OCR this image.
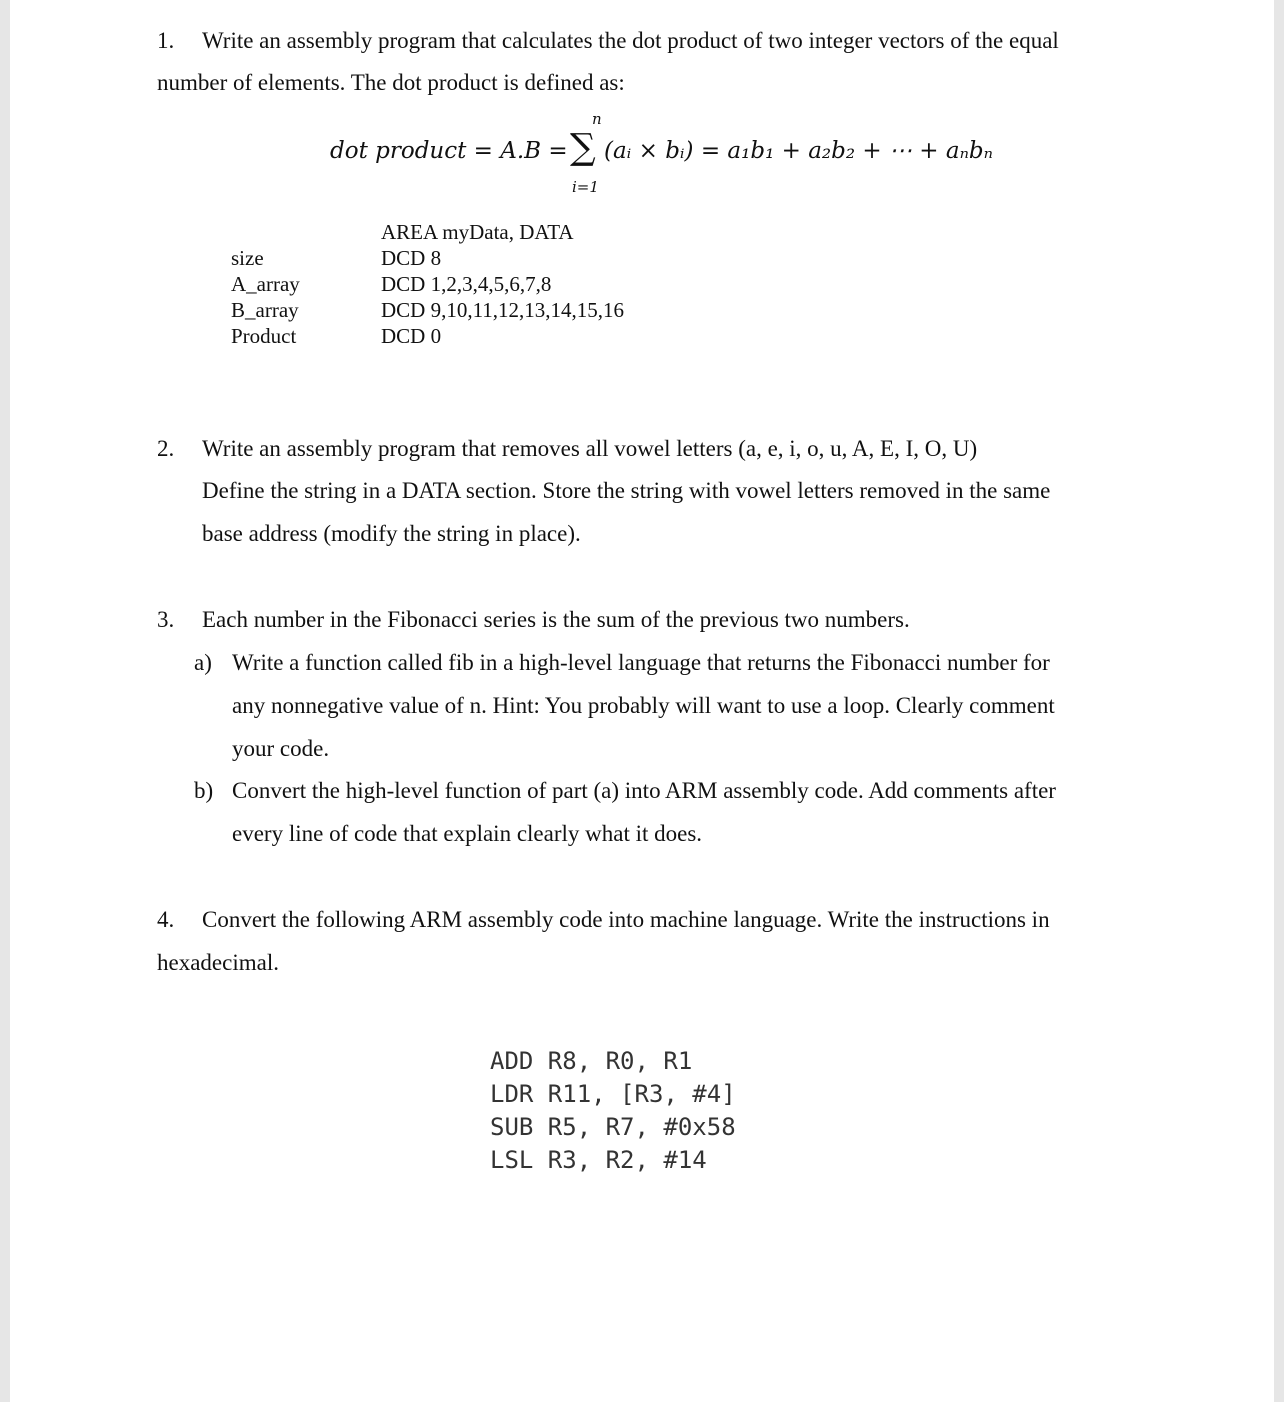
1. Write an assembly program that calculates the dot product of two integer vectors of the equal
number of elements. The dot product is defined as:
dot product = A.B =
n
∑
i=1
(aᵢ × bᵢ) = a₁b₁ + a₂b₂ + ⋯ + aₙbₙ
AREA myData, DATA
size	DCD 8
A_array	DCD 1,2,3,4,5,6,7,8
B_array	DCD 9,10,11,12,13,14,15,16
Product	DCD 0
2. Write an assembly program that removes all vowel letters (a, e, i, o, u, A, E, I, O, U)
Define the string in a DATA section. Store the string with vowel letters removed in the same
base address (modify the string in place).
3. Each number in the Fibonacci series is the sum of the previous two numbers.
a) Write a function called fib in a high-level language that returns the Fibonacci number for
any nonnegative value of n. Hint: You probably will want to use a loop. Clearly comment
your code.
b) Convert the high-level function of part (a) into ARM assembly code. Add comments after
every line of code that explain clearly what it does.
4. Convert the following ARM assembly code into machine language. Write the instructions in
hexadecimal.
ADD R8, R0, R1
LDR R11, [R3, #4]
SUB R5, R7, #0x58
LSL R3, R2, #14
